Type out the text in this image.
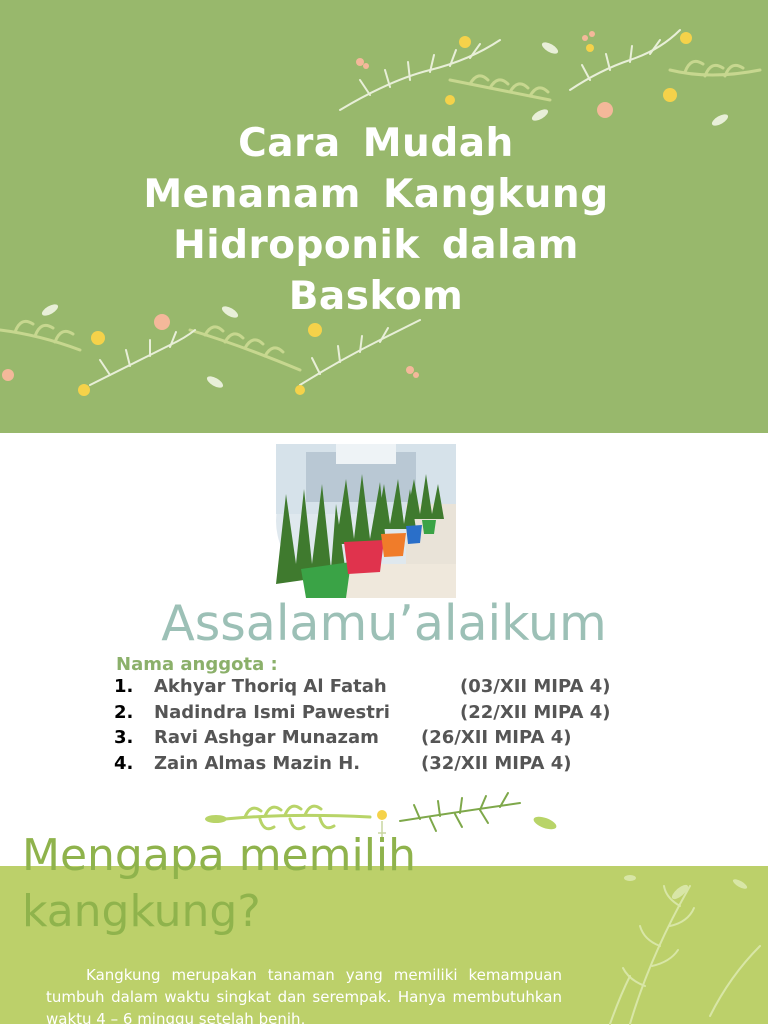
Cara Mudah
Menanam Kangkung
Hidroponik dalam
Baskom
Assalamu’alaikum
Nama anggota :
1. Akhyar Thoriq Al Fatah	(03/XII MIPA 4)
2. Nadindra Ismi Pawestri	(22/XII MIPA 4)
3. Ravi Ashgar Munazam (26/XII MIPA 4)
4. Zain Almas Mazin H.	(32/XII MIPA 4)
Mengapa memilih
kangkung?

Kangkung merupakan tanaman yang memiliki kemampuan tumbuh dalam waktu singkat dan serempak. Hanya membutuhkan waktu 4 – 6 minggu setelah benih,
